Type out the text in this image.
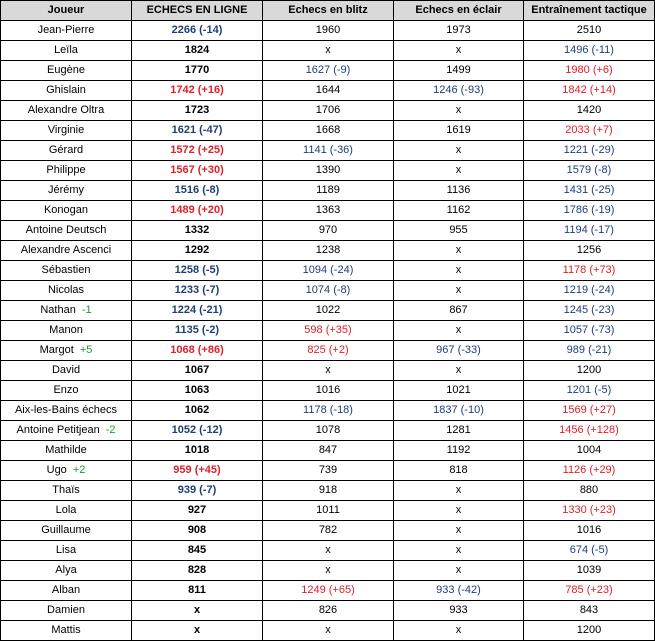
Joueur	ECHECS EN LIGNE	Echecs en blitz	Echecs en éclair	Entraînement tactique
Jean-Pierre	2266 (-14)	1960	1973	2510
Leïla	1824	x	x	1496 (-11)
Eugène	1770	1627 (-9)	1499	1980 (+6)
Ghislain	1742 (+16)	1644	1246 (-93)	1842 (+14)
Alexandre Oltra	1723	1706	x	1420
Virginie	1621 (-47)	1668	1619	2033 (+7)
Gérard	1572 (+25)	1141 (-36)	x	1221 (-29)
Philippe	1567 (+30)	1390	x	1579 (-8)
Jérémy	1516 (-8)	1189	1136	1431 (-25)
Konogan	1489 (+20)	1363	1162	1786 (-19)
Antoine Deutsch	1332	970	955	1194 (-17)
Alexandre Ascenci	1292	1238	x	1256
Sébastien	1258 (-5)	1094 (-24)	x	1178 (+73)
Nicolas	1233 (-7)	1074 (-8)	x	1219 (-24)
Nathan -1	1224 (-21)	1022	867	1245 (-23)
Manon	1135 (-2)	598 (+35)	x	1057 (-73)
Margot +5	1068 (+86)	825 (+2)	967 (-33)	989 (-21)
David	1067	x	x	1200
Enzo	1063	1016	1021	1201 (-5)
Aix-les-Bains échecs	1062	1178 (-18)	1837 (-10)	1569 (+27)
Antoine Petitjean -2	1052 (-12)	1078	1281	1456 (+128)
Mathilde	1018	847	1192	1004
Ugo +2	959 (+45)	739	818	1126 (+29)
Thaïs	939 (-7)	918	x	880
Lola	927	1011	x	1330 (+23)
Guillaume	908	782	x	1016
Lisa	845	x	x	674 (-5)
Alya	828	x	x	1039
Alban	811	1249 (+65)	933 (-42)	785 (+23)
Damien	x	826	933	843
Mattis	x	x	x	1200
